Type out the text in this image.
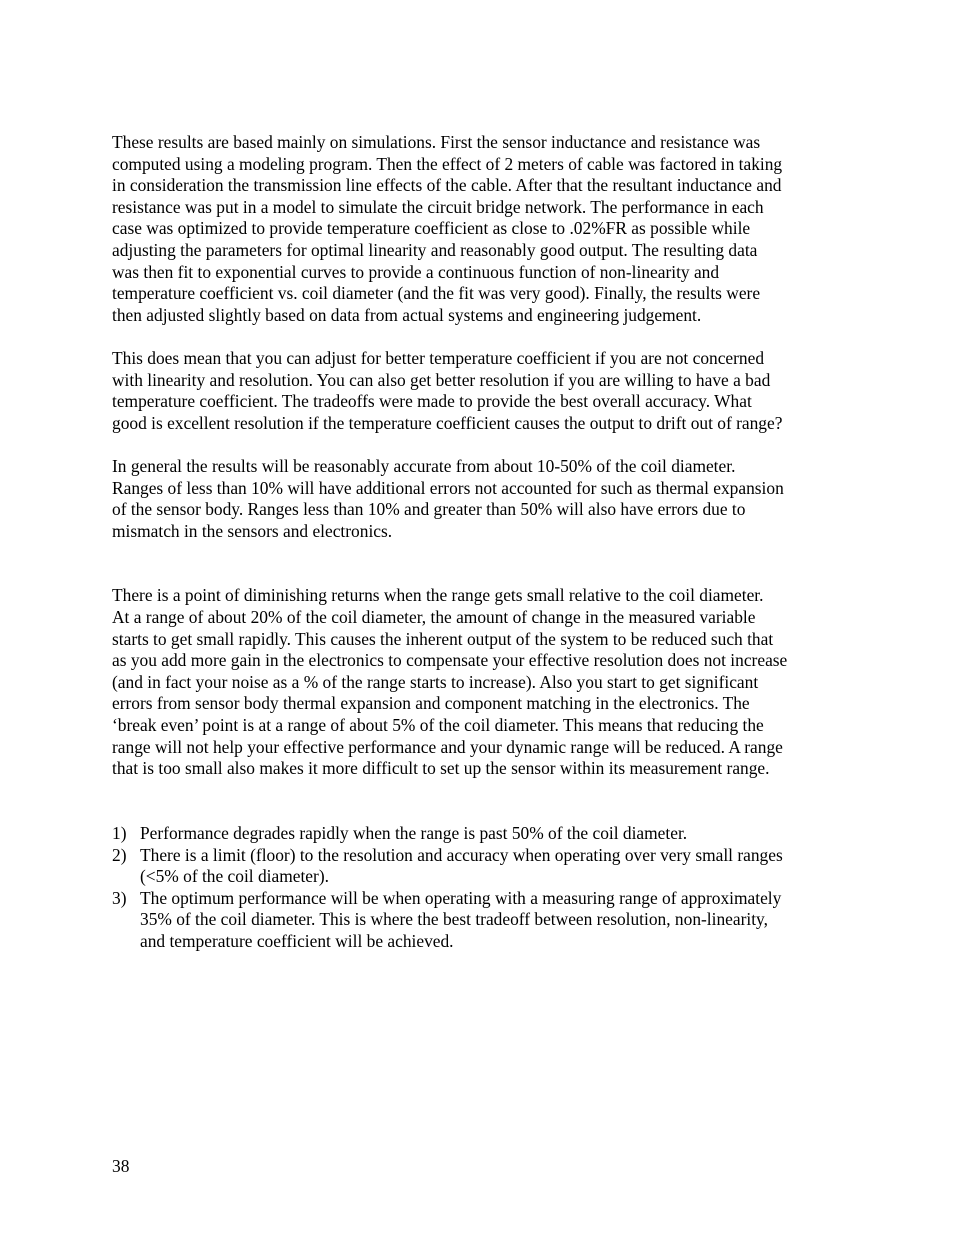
These results are based mainly on simulations. First the sensor inductance and resistance was
computed using a modeling program. Then the effect of 2 meters of cable was factored in taking
in consideration the transmission line effects of the cable. After that the resultant inductance and
resistance was put in a model to simulate the circuit bridge network. The performance in each
case was optimized to provide temperature coefficient as close to .02%FR as possible while
adjusting the parameters for optimal linearity and reasonably good output. The resulting data
was then fit to exponential curves to provide a continuous function of non-linearity and
temperature coefficient vs. coil diameter (and the fit was very good). Finally, the results were
then adjusted slightly based on data from actual systems and engineering judgement.

This does mean that you can adjust for better temperature coefficient if you are not concerned
with linearity and resolution. You can also get better resolution if you are willing to have a bad
temperature coefficient. The tradeoffs were made to provide the best overall accuracy. What
good is excellent resolution if the temperature coefficient causes the output to drift out of range?

In general the results will be reasonably accurate from about 10-50% of the coil diameter.
Ranges of less than 10% will have additional errors not accounted for such as thermal expansion
of the sensor body. Ranges less than 10% and greater than 50% will also have errors due to
mismatch in the sensors and electronics.

There is a point of diminishing returns when the range gets small relative to the coil diameter.
At a range of about 20% of the coil diameter, the amount of change in the measured variable
starts to get small rapidly. This causes the inherent output of the system to be reduced such that
as you add more gain in the electronics to compensate your effective resolution does not increase
(and in fact your noise as a % of the range starts to increase). Also you start to get significant
errors from sensor body thermal expansion and component matching in the electronics. The
‘break even’ point is at a range of about 5% of the coil diameter. This means that reducing the
range will not help your effective performance and your dynamic range will be reduced. A range
that is too small also makes it more difficult to set up the sensor within its measurement range.

1) Performance degrades rapidly when the range is past 50% of the coil diameter.
2) There is a limit (floor) to the resolution and accuracy when operating over very small ranges
(<5% of the coil diameter).
3) The optimum performance will be when operating with a measuring range of approximately
35% of the coil diameter. This is where the best tradeoff between resolution, non-linearity,
and temperature coefficient will be achieved.
38
